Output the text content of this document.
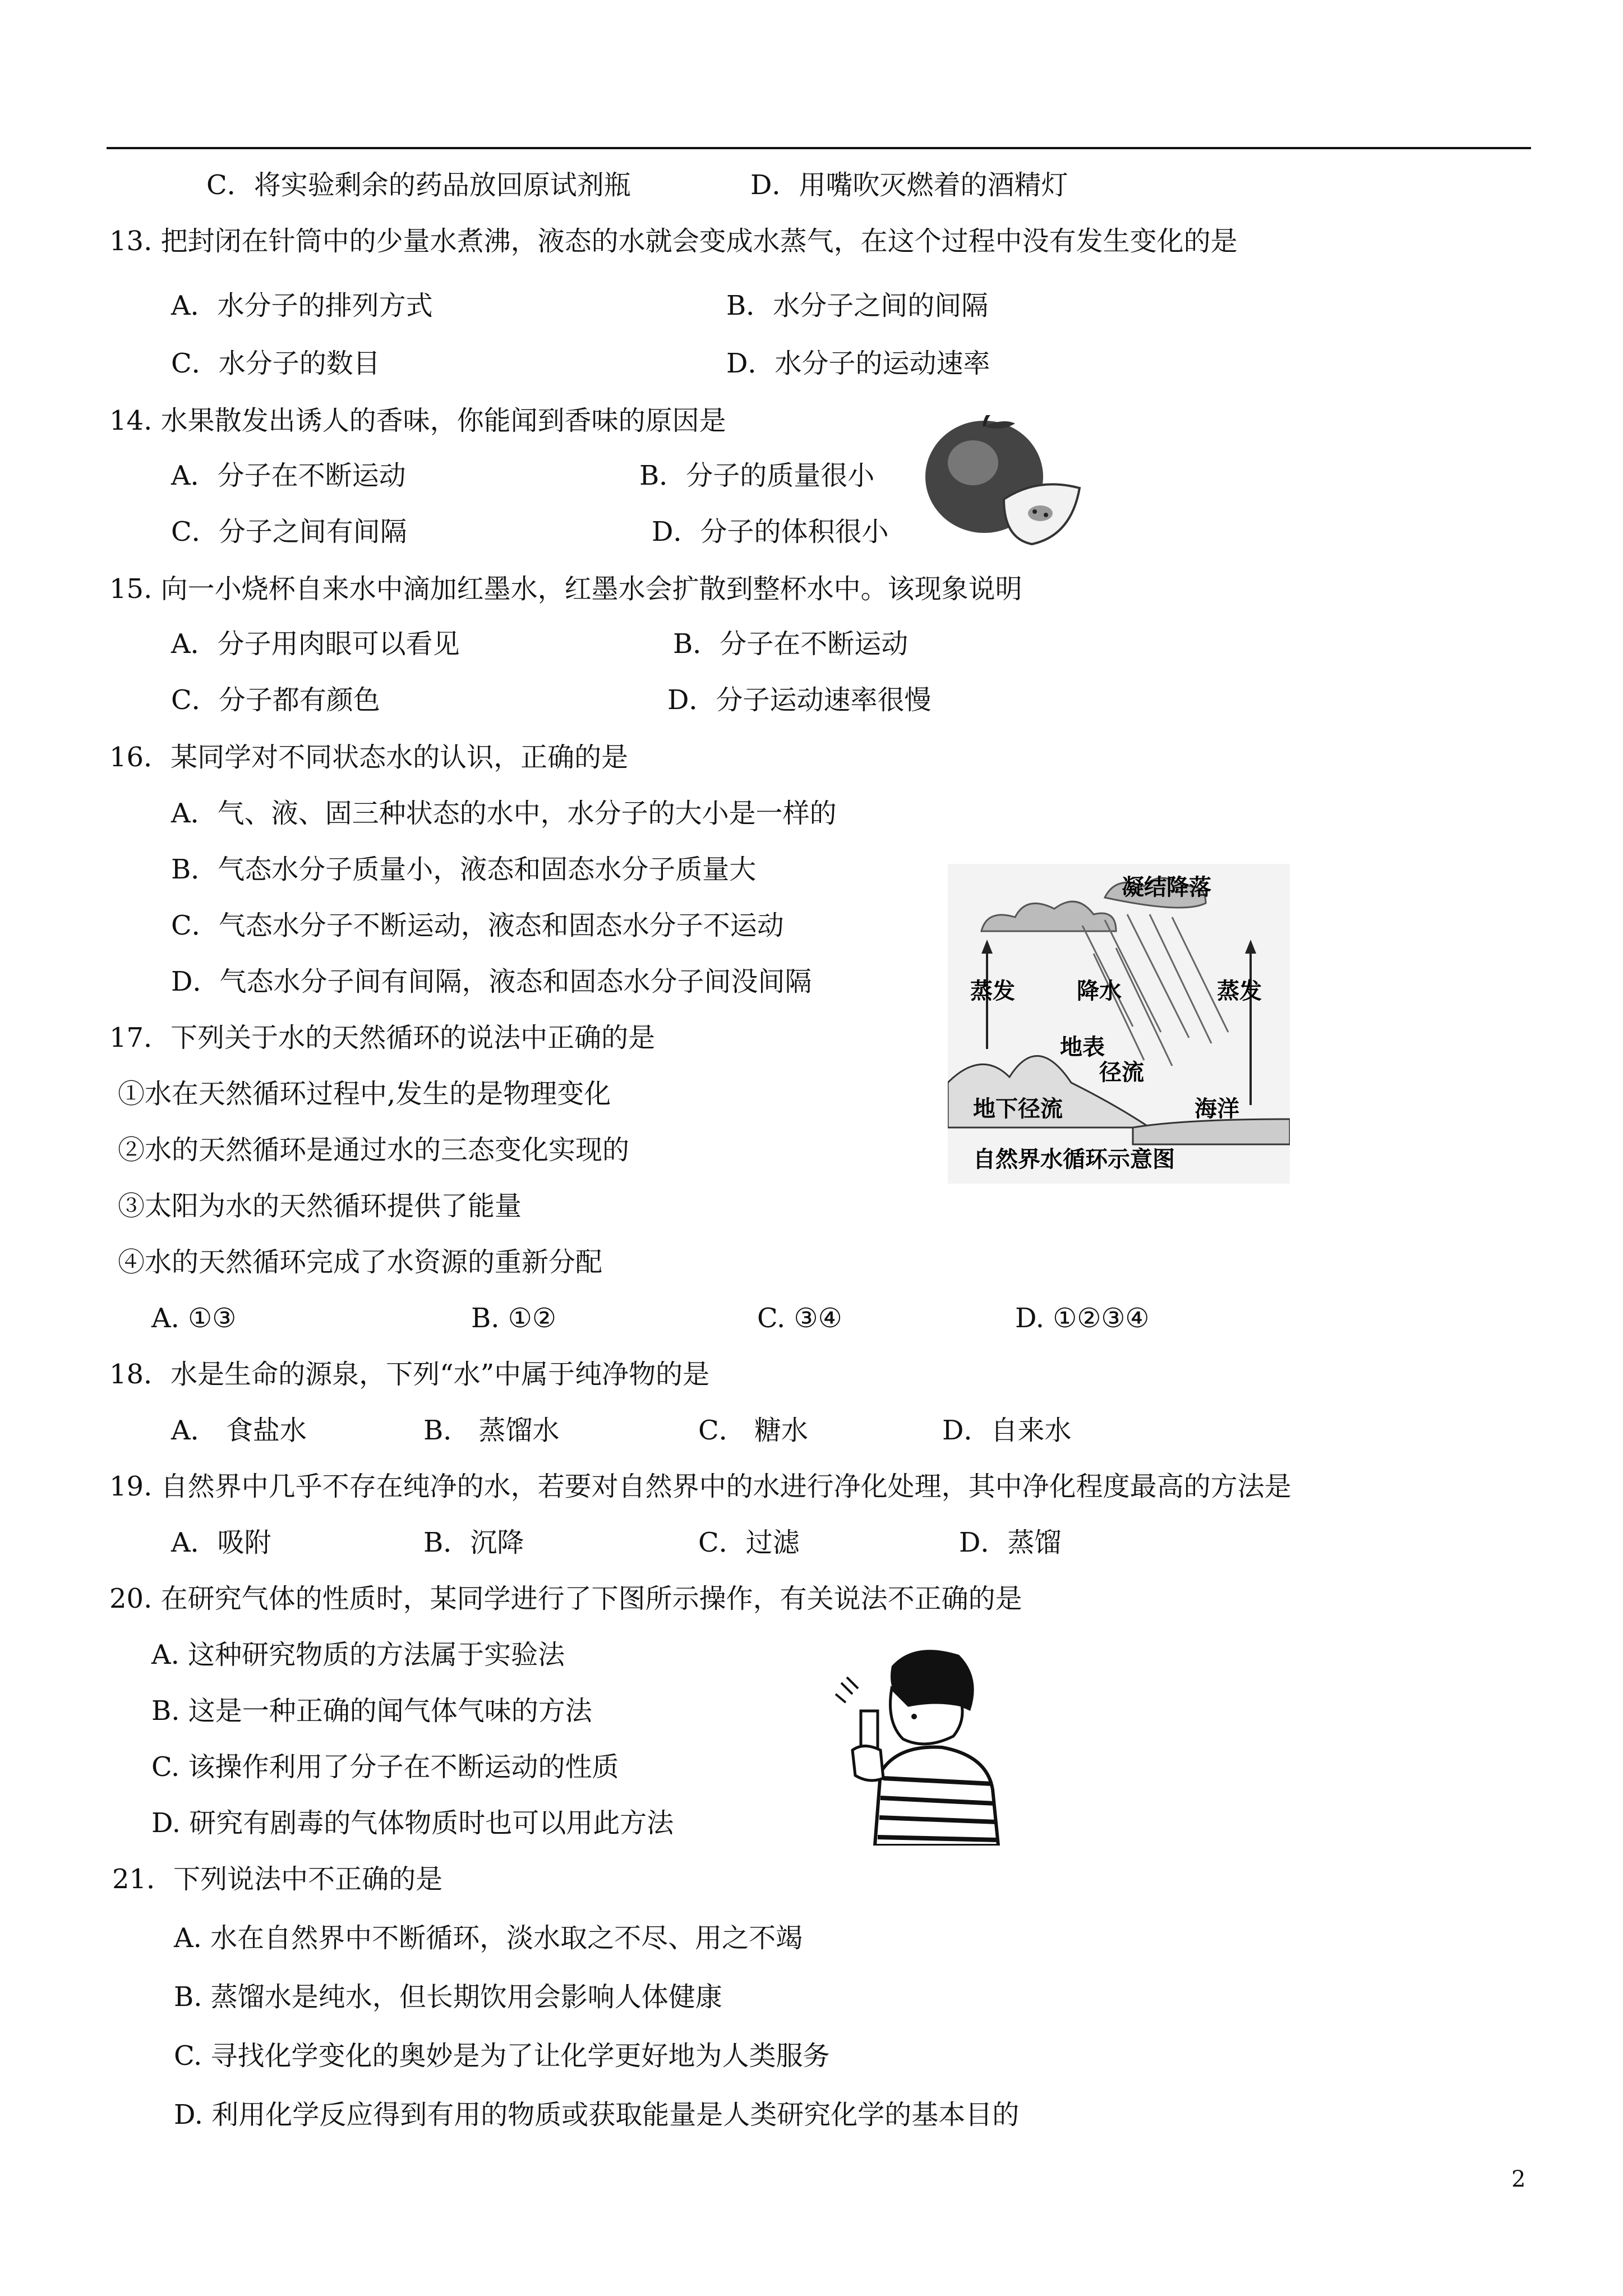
C．将实验剩余的药品放回原试剂瓶	D．用嘴吹灭燃着的酒精灯
13. 把封闭在针筒中的少量水煮沸，液态的水就会变成水蒸气，在这个过程中没有发生变化的是
A．水分子的排列方式	B．水分子之间的间隔
C．水分子的数目	D．水分子的运动速率
14. 水果散发出诱人的香味，你能闻到香味的原因是
A．分子在不断运动	B．分子的质量很小
C．分子之间有间隔	D．分子的体积很小
15. 向一小烧杯自来水中滴加红墨水，红墨水会扩散到整杯水中。该现象说明
A．分子用肉眼可以看见	B．分子在不断运动
C．分子都有颜色	D．分子运动速率很慢
16．某同学对不同状态水的认识，正确的是
A．气、液、固三种状态的水中，水分子的大小是一样的
B．气态水分子质量小，液态和固态水分子质量大
C．气态水分子不断运动，液态和固态水分子不运动
D．气态水分子间有间隔，液态和固态水分子间没间隔
凝结降落
蒸发	降水	蒸发
地表
径流
地下径流	海洋
自然界水循环示意图
17．下列关于水的天然循环的说法中正确的是
①水在天然循环过程中,发生的是物理变化
②水的天然循环是通过水的三态变化实现的
③太阳为水的天然循环提供了能量
④水的天然循环完成了水资源的重新分配
A. ①③	B. ①②	C. ③④	D. ①②③④
18．水是生命的源泉，下列“水”中属于纯净物的是
A． 食盐水	B． 蒸馏水	C． 糖水	D．自来水
19. 自然界中几乎不存在纯净的水，若要对自然界中的水进行净化处理，其中净化程度最高的方法是
A．吸附	B．沉降	C．过滤	D．蒸馏
20. 在研究气体的性质时，某同学进行了下图所示操作，有关说法不正确的是
A. 这种研究物质的方法属于实验法
B. 这是一种正确的闻气体气味的方法
C. 该操作利用了分子在不断运动的性质
D. 研究有剧毒的气体物质时也可以用此方法
21．下列说法中不正确的是
A. 水在自然界中不断循环，淡水取之不尽、用之不竭
B. 蒸馏水是纯水，但长期饮用会影响人体健康
C. 寻找化学变化的奥妙是为了让化学更好地为人类服务
D. 利用化学反应得到有用的物质或获取能量是人类研究化学的基本目的
2
